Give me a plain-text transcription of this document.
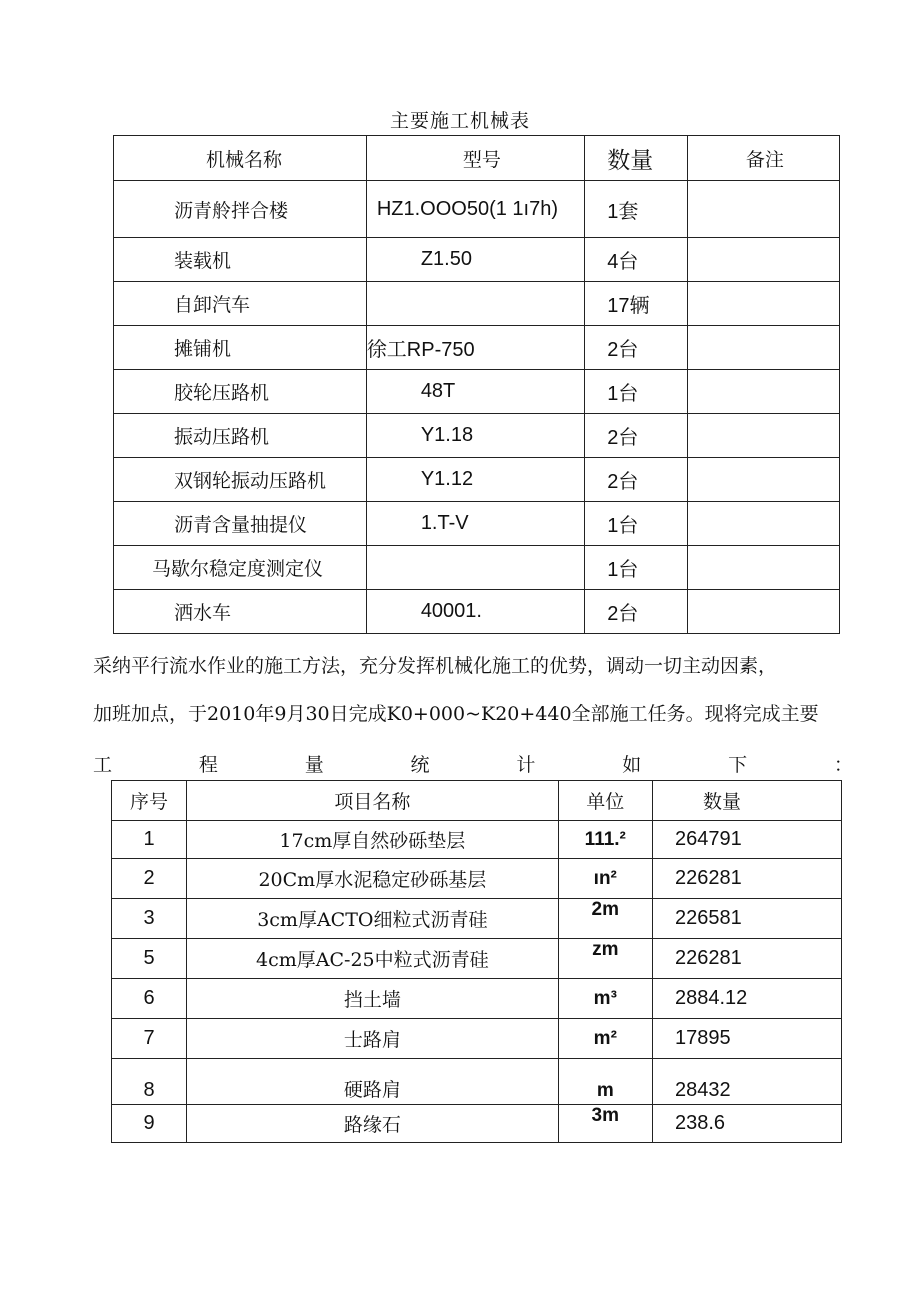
主要施工机械表
机械名称	型号	数量	备注
沥青舲拌合楼	HZ1.OOO50(1 1ı7h)	1套	
装载机	Z1.50	4台	
自卸汽车		17辆	
摊铺机	徐工RP-750	2台	
胶轮压路机	48T	1台	
振动压路机	Y1.18	2台	
双钢轮振动压路机	Y1.12	2台	
沥青含量抽提仪	1.T-V	1台	
马歇尔稳定度测定仪		1台	
洒水车	40001.	2台	
采纳平行流水作业的施工方法，充分发挥机械化施工的优势，调动一切主动因素，
加班加点，于2010年9月30日完成K0+000~K20+440全部施工任务。现将完成主要
工	程	量	统	计	如	下	：
序号	项目名称	单位	数量
1	17cm厚自然砂砾垫层	111.²	264791
2	20Cm厚水泥稳定砂砾基层	ın²	226281
3	3cm厚ACTO细粒式沥青硅	2m	226581
5	4cm厚AC-25中粒式沥青硅	zm	226281
6	挡土墙	m³	2884.12
7	士路肩	m²	17895
8	硬路肩	m	28432
9	路缘石	3m	238.6
